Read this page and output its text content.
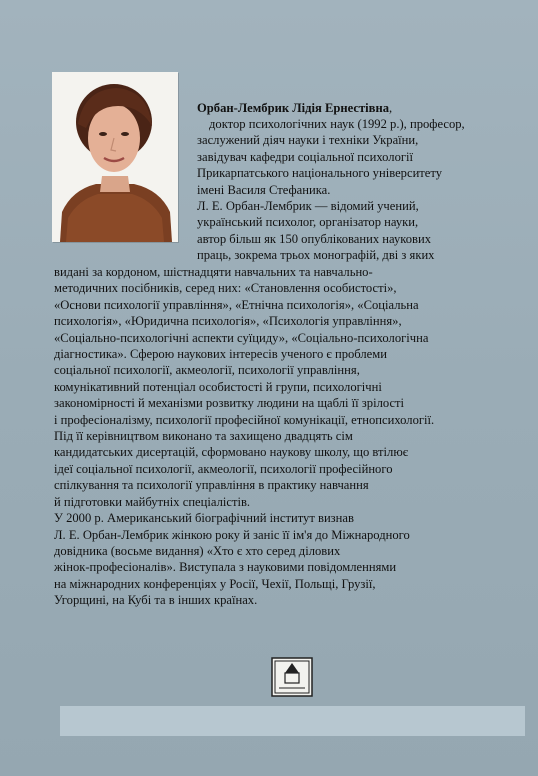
Орбан-Лембрик Лідія Ернестівна,
доктор психологічних наук (1992 р.), професор,
заслужений діяч науки і техніки України,
завідувач кафедри соціальної психології
Прикарпатського національного університету
імені Василя Стефаника.
Л. Е. Орбан-Лембрик — відомий учений,
український психолог, організатор науки,
автор більш як 150 опублікованих наукових
праць, зокрема трьох монографій, дві з яких
видані за кордоном, шістнадцяти навчальних та навчально-
методичних посібників, серед них: «Становлення особистості»,
«Основи психології управління», «Етнічна психологія», «Соціальна
психологія», «Юридична психологія», «Психологія управління»,
«Соціально-психологічні аспекти суїциду», «Соціально-психологічна
діагностика». Сферою наукових інтересів ученого є проблеми
соціальної психології, акмеології, психології управління,
комунікативний потенціал особистості й групи, психологічні
закономірності й механізми розвитку людини на щаблі її зрілості
і професіоналізму, психології професійної комунікації, етнопсихології.
Під її керівництвом виконано та захищено двадцять сім
кандидатських дисертацій, сформовано наукову школу, що втілює
ідеї соціальної психології, акмеології, психології професійного
спілкування та психології управління в практику навчання
й підготовки майбутніх спеціалістів.
У 2000 р. Американський біографічний інститут визнав
Л. Е. Орбан-Лембрик жінкою року й заніс її ім'я до Міжнародного
довідника (восьме видання) «Хто є хто серед ділових
жінок-професіоналів». Виступала з науковими повідомленнями
на міжнародних конференціях у Росії, Чехії, Польщі, Грузії,
Угорщині, на Кубі та в інших країнах.
